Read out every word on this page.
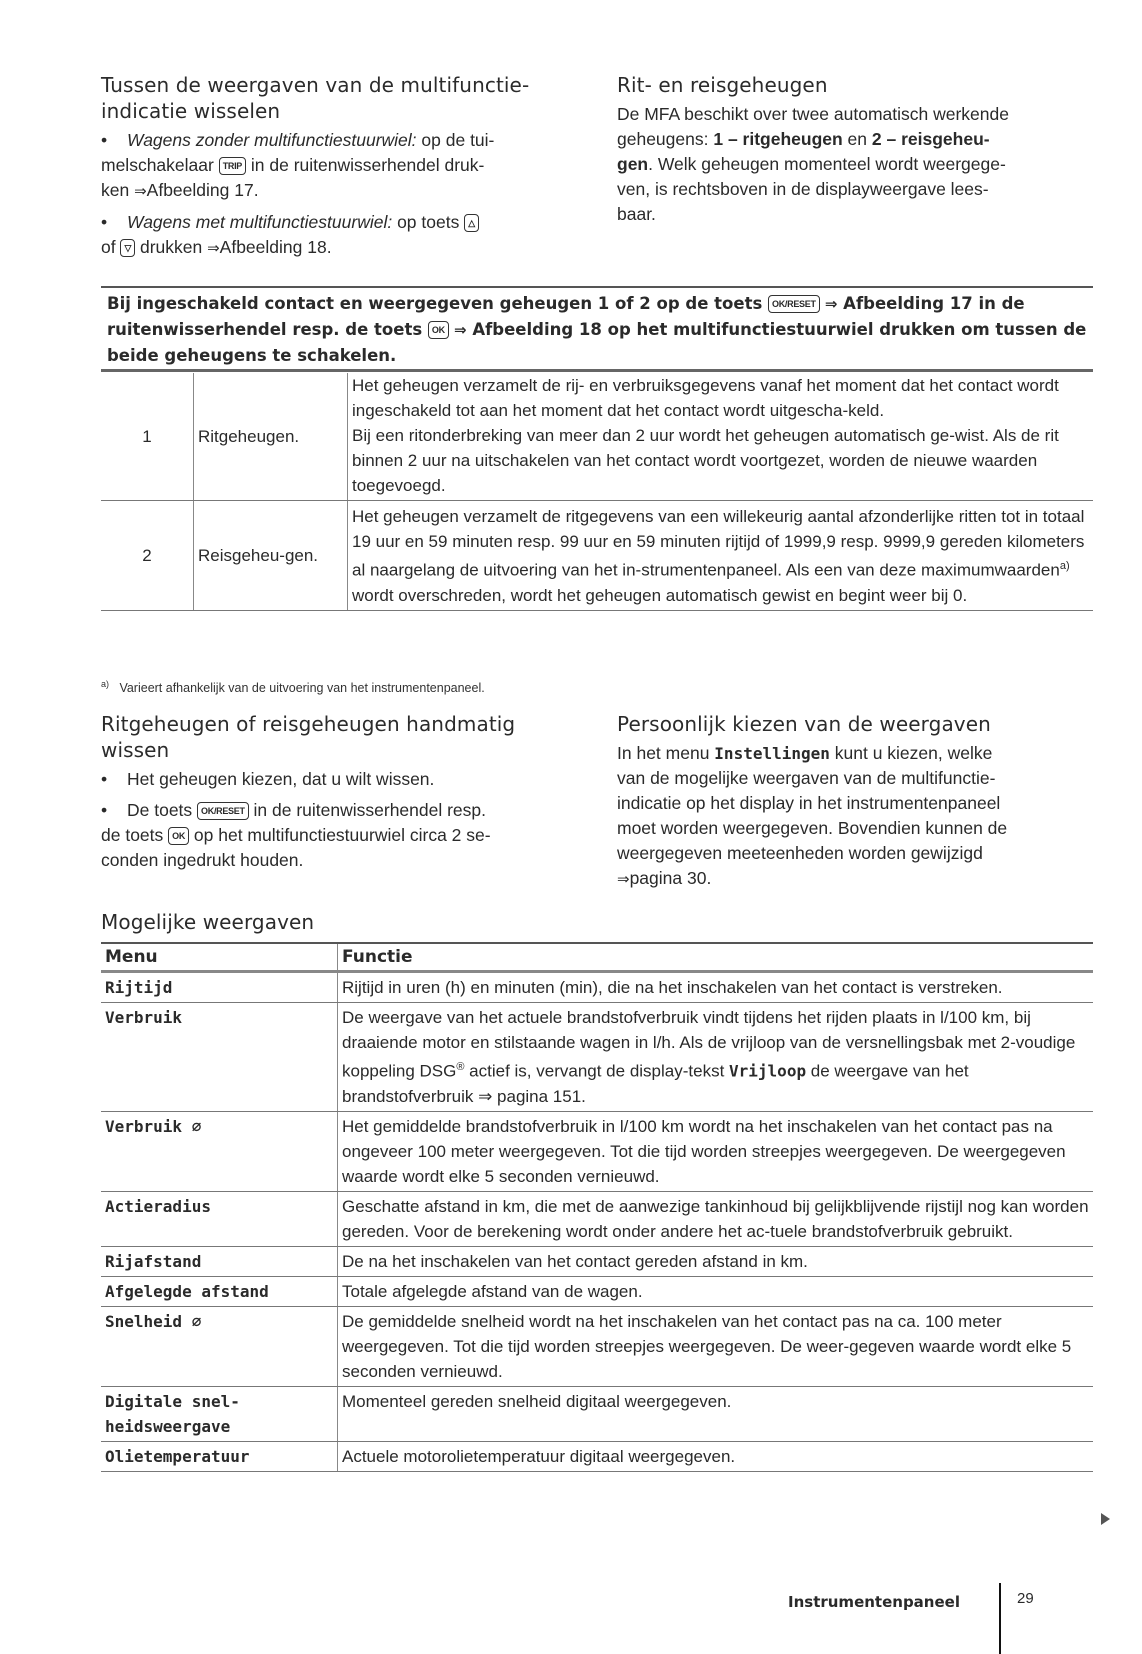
Tussen de weergaven van de multifunctie-
indicatie wisselen
• Wagens zonder multifunctiestuurwiel: op de tui-
melschakelaar TRIP in de ruitenwisserhendel druk-
ken ⇒Afbeelding 17.
• Wagens met multifunctiestuurwiel: op toets △
of ▽ drukken ⇒Afbeelding 18.
Rit- en reisgeheugen

De MFA beschikt over twee automatisch werkende
geheugens: 1 – ritgeheugen en 2 – reisgeheu-
gen. Welk geheugen momenteel wordt weergege-
ven, is rechtsboven in de displayweergave lees-
baar.

Bij ingeschakeld contact en weergegeven geheugen 1 of 2 op de toets OK/RESET ⇒ Afbeelding 17 in de ruitenwisserhendel resp. de toets OK ⇒ Afbeelding 18 op het multifunctiestuurwiel drukken om tussen de beide geheugens te schakelen.
1	Ritgeheugen.	Het geheugen verzamelt de rij- en verbruiksgegevens vanaf het moment dat het contact wordt ingeschakeld tot aan het moment dat het contact wordt uitgescha-keld.
Bij een ritonderbreking van meer dan 2 uur wordt het geheugen automatisch ge-wist. Als de rit binnen 2 uur na uitschakelen van het contact wordt voortgezet, worden de nieuwe waarden toegevoegd.

2	Reisgeheu-gen.	Het geheugen verzamelt de ritgegevens van een willekeurig aantal afzonderlijke ritten tot in totaal 19 uur en 59 minuten resp. 99 uur en 59 minuten rijtijd of 1999,9 resp. 9999,9 gereden kilometers al naargelang de uitvoering van het in-strumentenpaneel. Als een van deze maximumwaarden$^{a)}$ wordt overschreden, wordt het geheugen automatisch gewist en begint weer bij 0.
$^{a)}$ Varieert afhankelijk van de uitvoering van het instrumentenpaneel.
Ritgeheugen of reisgeheugen handmatig
wissen
• Het geheugen kiezen, dat u wilt wissen.
• De toets OK/RESET in de ruitenwisserhendel resp.
de toets OK op het multifunctiestuurwiel circa 2 se-
conden ingedrukt houden.
Persoonlijk kiezen van de weergaven

In het menu Instellingen kunt u kiezen, welke
van de mogelijke weergaven van de multifunctie-
indicatie op het display in het instrumentenpaneel
moet worden weergegeven. Bovendien kunnen de
weergegeven meeteenheden worden gewijzigd
⇒pagina 30.

Mogelijke weergaven
Menu	Functie
Rijtijd	Rijtijd in uren (h) en minuten (min), die na het inschakelen van het contact is verstreken.
Verbruik	De weergave van het actuele brandstofverbruik vindt tijdens het rijden plaats in l/100 km, bij draaiende motor en stilstaande wagen in l/h. Als de vrijloop van de versnellingsbak met 2-voudige koppeling DSG® actief is, vervangt de display-tekst Vrijloop de weergave van het brandstofverbruik ⇒ pagina 151.
Verbruik ∅	Het gemiddelde brandstofverbruik in l/100 km wordt na het inschakelen van het contact pas na ongeveer 100 meter weergegeven. Tot die tijd worden streepjes weergegeven. De weergegeven waarde wordt elke 5 seconden vernieuwd.
Actieradius	Geschatte afstand in km, die met de aanwezige tankinhoud bij gelijkblijvende rijstijl nog kan worden gereden. Voor de berekening wordt onder andere het ac-tuele brandstofverbruik gebruikt.
Rijafstand	De na het inschakelen van het contact gereden afstand in km.
Afgelegde afstand	Totale afgelegde afstand van de wagen.
Snelheid ∅	De gemiddelde snelheid wordt na het inschakelen van het contact pas na ca. 100 meter weergegeven. Tot die tijd worden streepjes weergegeven. De weer-gegeven waarde wordt elke 5 seconden vernieuwd.
Digitale snel-heidsweergave	Momenteel gereden snelheid digitaal weergegeven.
Olietemperatuur	Actuele motorolietemperatuur digitaal weergegeven.
Instrumentenpaneel	29
